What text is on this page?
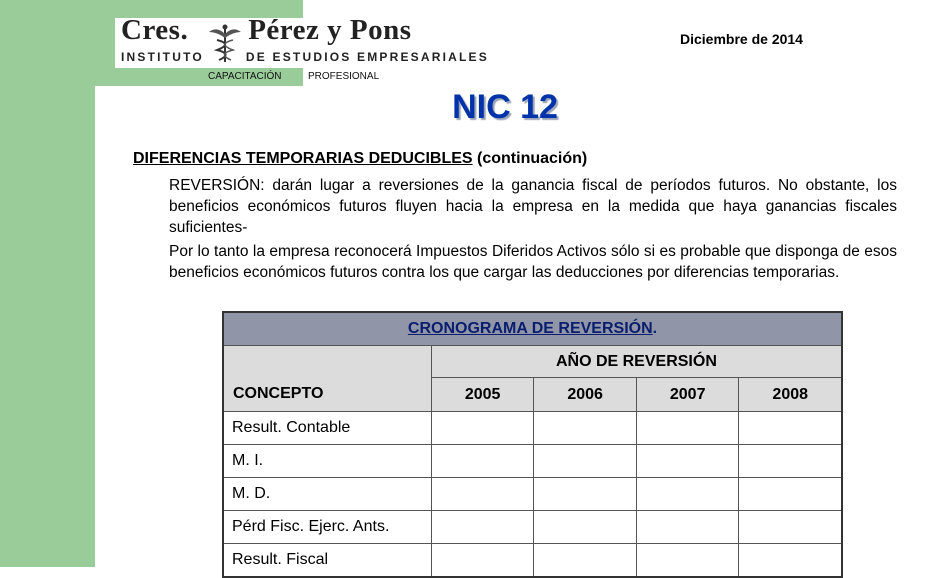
Cres. Pérez y Pons
INSTITUTO	DE ESTUDIOS EMPRESARIALES
CAPACITACIÓN	PROFESIONAL
Diciembre de 2014
NIC 12
DIFERENCIAS TEMPORARIAS DEDUCIBLES (continuación)
REVERSIÓN: darán lugar a reversiones de la ganancia fiscal de períodos futuros. No obstante, los beneficios económicos futuros fluyen hacia la empresa en la medida que haya ganancias fiscales suficientes-
Por lo tanto la empresa reconocerá Impuestos Diferidos Activos sólo si es probable que disponga de esos beneficios económicos futuros contra los que cargar las deducciones por diferencias temporarias.
CRONOGRAMA DE REVERSIÓN.				
CONCEPTO	AÑO DE REVERSIÓN			
	2005	2006	2007	2008
Result. Contable				
M. I.				
M. D.				
Pérd Fisc. Ejerc. Ants.				
Result. Fiscal				
